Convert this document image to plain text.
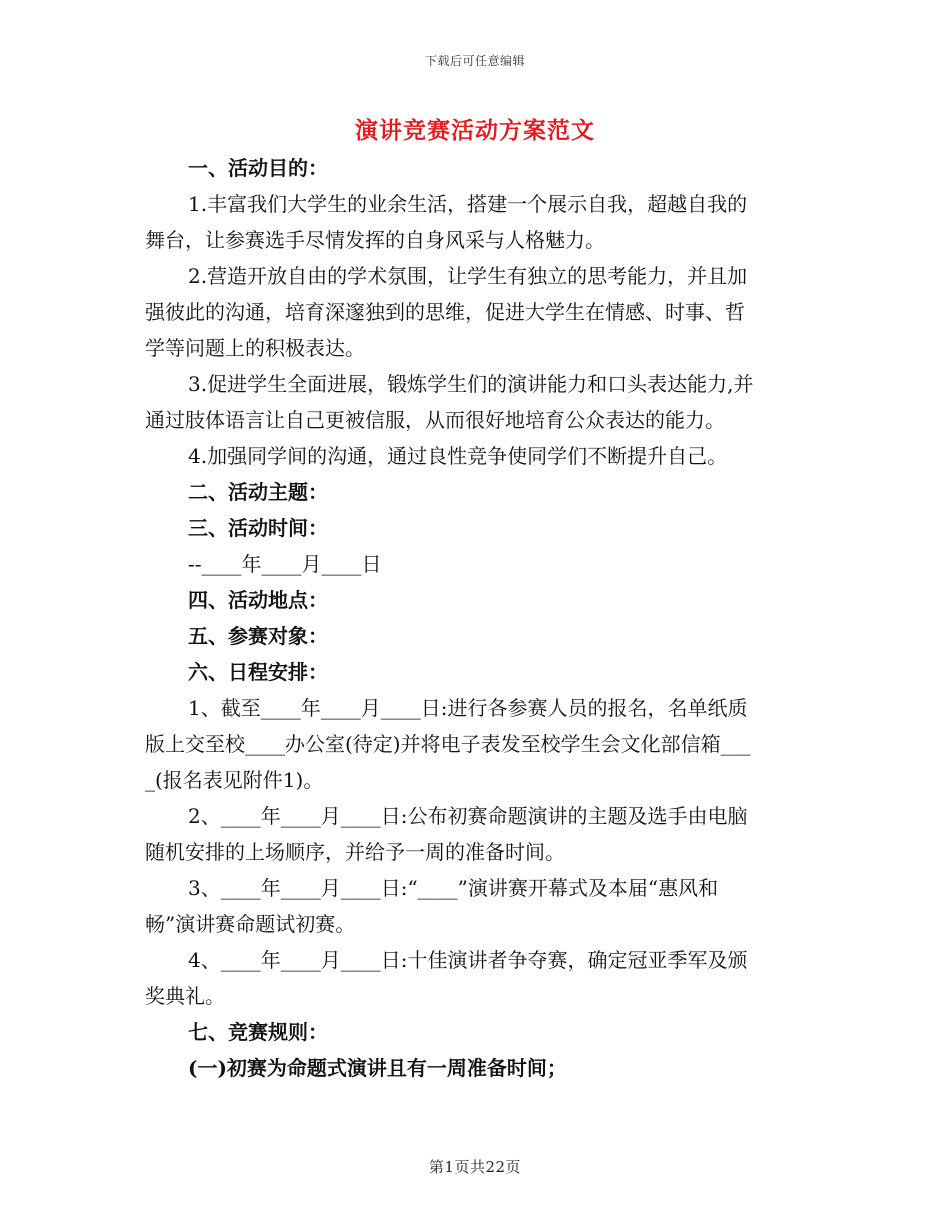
下载后可任意编辑
演讲竞赛活动方案范文
一、活动目的：
1.丰富我们大学生的业余生活，搭建一个展示自我，超越自我的
舞台，让参赛选手尽情发挥的自身风采与人格魅力。
2.营造开放自由的学术氛围，让学生有独立的思考能力，并且加
强彼此的沟通，培育深邃独到的思维，促进大学生在情感、时事、哲
学等问题上的积极表达。
3.促进学生全面进展，锻炼学生们的演讲能力和口头表达能力,并
通过肢体语言让自己更被信服，从而很好地培育公众表达的能力。
4.加强同学间的沟通，通过良性竞争使同学们不断提升自己。
二、活动主题：
三、活动时间：
--____年____月____日
四、活动地点：
五、参赛对象：
六、日程安排：
1、截至____年____月____日:进行各参赛人员的报名，名单纸质
版上交至校____办公室(待定)并将电子表发至校学生会文化部信箱___
_(报名表见附件1)。
2、____年____月____日:公布初赛命题演讲的主题及选手由电脑
随机安排的上场顺序，并给予一周的准备时间。
3、____年____月____日:“____”演讲赛开幕式及本届“惠风和
畅”演讲赛命题试初赛。
4、____年____月____日:十佳演讲者争夺赛，确定冠亚季军及颁
奖典礼。
七、竞赛规则：
(一)初赛为命题式演讲且有一周准备时间；
第1页共22页
